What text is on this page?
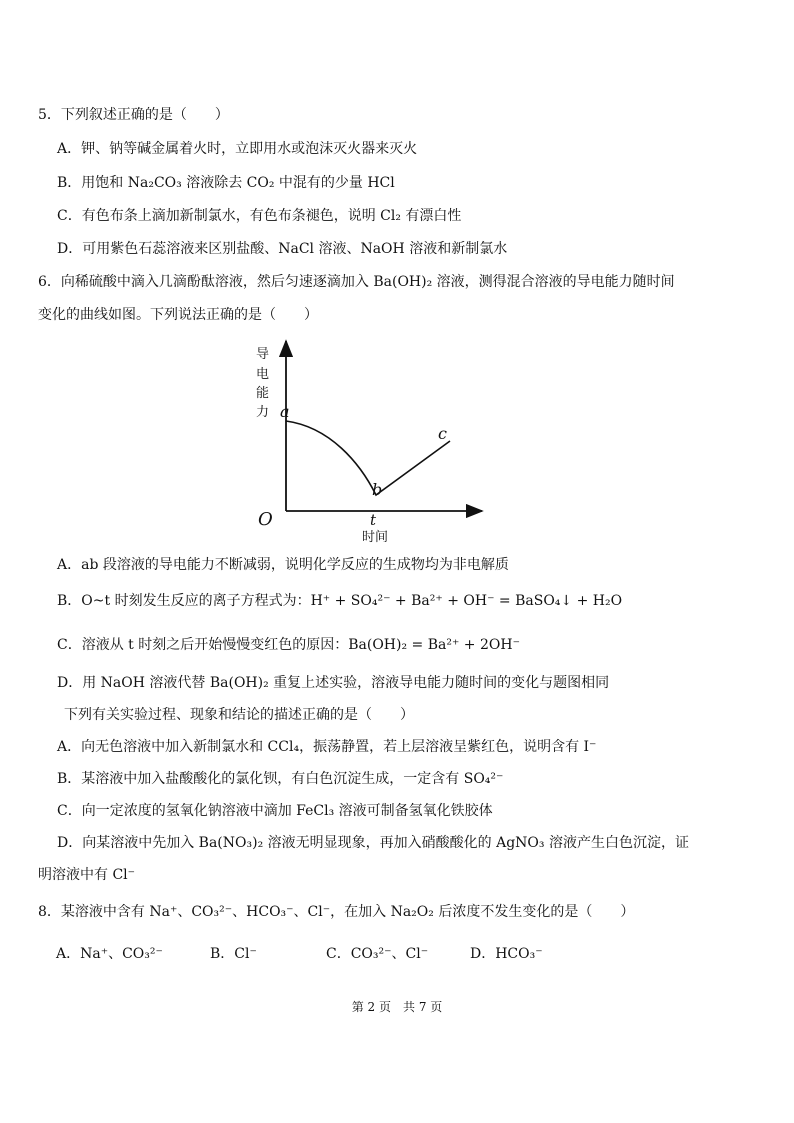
5．下列叙述正确的是（　　）
A．钾、钠等碱金属着火时，立即用水或泡沫灭火器来灭火
B．用饱和 Na₂CO₃ 溶液除去 CO₂ 中混有的少量 HCl
C．有色布条上滴加新制氯水，有色布条褪色，说明 Cl₂ 有漂白性
D．可用紫色石蕊溶液来区别盐酸、NaCl 溶液、NaOH 溶液和新制氯水
6．向稀硫酸中滴入几滴酚酞溶液，然后匀速逐滴加入 Ba(OH)₂ 溶液，测得混合溶液的导电能力随时间
变化的曲线如图。下列说法正确的是（　　）
导
电
能
力 a
b
c
O	t
时间
A．ab 段溶液的导电能力不断减弱，说明化学反应的生成物均为非电解质
B．O~t 时刻发生反应的离子方程式为：H⁺ + SO₄²⁻ + Ba²⁺ + OH⁻ = BaSO₄↓ + H₂O
C．溶液从 t 时刻之后开始慢慢变红色的原因：Ba(OH)₂ = Ba²⁺ + 2OH⁻
D．用 NaOH 溶液代替 Ba(OH)₂ 重复上述实验，溶液导电能力随时间的变化与题图相同
下列有关实验过程、现象和结论的描述正确的是（　　）
A．向无色溶液中加入新制氯水和 CCl₄，振荡静置，若上层溶液呈紫红色，说明含有 I⁻
B．某溶液中加入盐酸酸化的氯化钡，有白色沉淀生成，一定含有 SO₄²⁻
C．向一定浓度的氢氧化钠溶液中滴加 FeCl₃ 溶液可制备氢氧化铁胶体
D．向某溶液中先加入 Ba(NO₃)₂ 溶液无明显现象，再加入硝酸酸化的 AgNO₃ 溶液产生白色沉淀，证
明溶液中有 Cl⁻
8．某溶液中含有 Na⁺、CO₃²⁻、HCO₃⁻、Cl⁻，在加入 Na₂O₂ 后浓度不发生变化的是（　　）
A．Na⁺、CO₃²⁻	B．Cl⁻	C．CO₃²⁻、Cl⁻	D．HCO₃⁻
第 2 页　共 7 页
